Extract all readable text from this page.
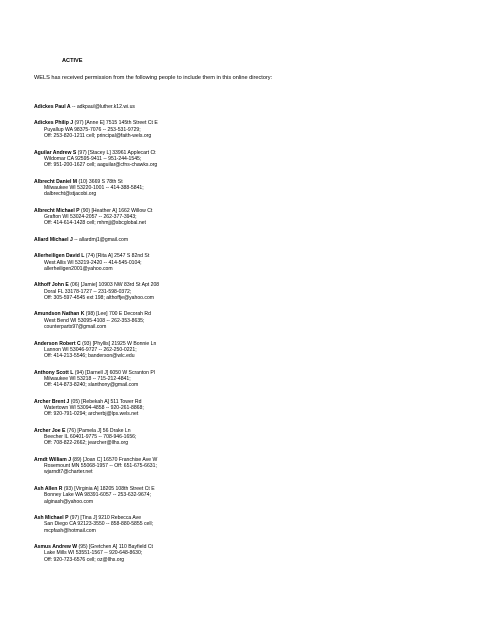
ACTIVE
WELS has received permission from the following people to include them in this online directory:
Adickes Paul A -- adkpaul@luther.k12.wi.us
Adickes Philip J (97) [Anne E] 7515 145th Street Ct E
Puyallup WA 98375-7076 -- 253-531-9729;
Off: 253-820-1211 cell; principal@faith-wels.org
Aguilar Andrew S (97) [Stacey L] 33961 Applecart Ct
Wildomar CA 92595-9411 -- 951-244-1545;
Off: 951-200-1627 cell; aaguilar@cfns-chawks.org
Albrecht Daniel M (10) 3669 S 78th St
Milwaukee WI 53220-1001 -- 414-388-5841;
dalbrecht@stjacobi.org
Albrecht Michael P (90) [Heather A] 1662 Willow Ct
Grafton WI 53024-2057 -- 262-377-3943;
Off: 414-614-1428 cell; mhmjj@sbcglobal.net
Allard Michael J -- allardmj1@gmail.com
Allerheiligen David L (74) [Rita A] 2547 S 82nd St
West Allis WI 53219-2420 -- 414-545-0104;
allerheiligen2001@yahoo.com
Althoff John E (06) [Jamie] 10903 NW 83rd St Apt 208
Doral FL 33178-1727 -- 231-598-0372;
Off: 305-597-4545 ext 198; althoffje@yahoo.com
Amundson Nathan K (98) [Lee] 700 E Decorah Rd
West Bend WI 53095-4108 -- 262-353-8635;
counterparts97@gmail.com
Anderson Robert C (93) [Phyllis] 21925 W Bonnie Ln
Lannon WI 53046-9727 -- 262-250-0221;
Off: 414-213-5546; banderson@wlc.edu
Anthony Scott L (94) [Darnell J] 6050 W Scranton Pl
Milwaukee WI 53218 -- 715-212-4841;
Off: 414-873-8240; slanthony@gmail.com
Archer Brent J (05) [Rebekah A] 511 Tower Rd
Watertown WI 53094-4858 -- 920-261-8868;
Off: 920-791-0294; archerbj@lps.wels.net
Archer Joe E (76) [Pamela J] 56 Drake Ln
Beecher IL 60401-9775 -- 708-946-1656;
Off: 708-822-2662; jearcher@llhs.org
Arndt William J (89) [Joan C] 16570 Franchise Ave W
Rosemount MN 55068-1957 -- Off: 651-675-6631;
wjarndt7@charter.net
Ash Allen R (93) [Virginia A] 18205 108th Street Ct E
Bonney Lake WA 98391-6057 -- 253-632-9674;
alginash@yahoo.com
Ash Michael P (97) [Tina J] 9210 Rebecca Ave
San Diego CA 92123-3550 -- 858-880-5855 cell;
mcpfash@hotmail.com
Asmus Andrew W (95) [Gretchen A] 110 Bayfield Ct
Lake Mills WI 53551-1567 -- 920-648-8630;
Off: 920-723-6576 cell; oz@llhs.org
